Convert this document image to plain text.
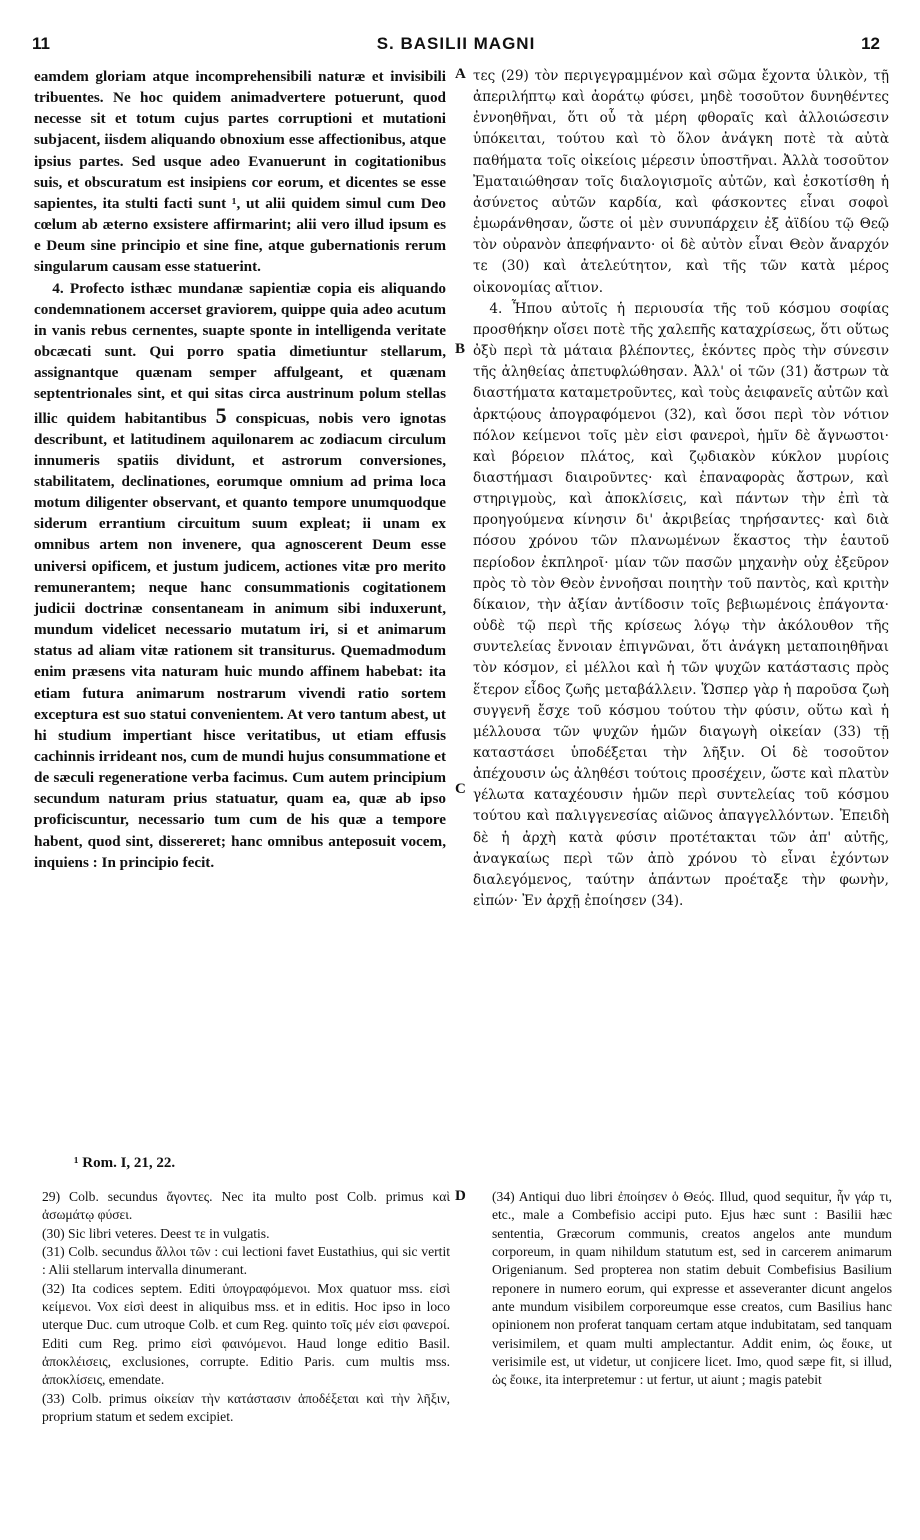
11	S. BASILII MAGNI	12

eamdem gloriam atque incomprehensibili naturæ et invisibili tribuentes. Ne hoc quidem animadvertere potuerunt, quod necesse sit et totum cujus partes corruptioni et mutationi subjacent, iisdem aliquando obnoxium esse affectionibus, atque ipsius partes. Sed usque adeo Evanuerunt in cogitationibus suis, et obscuratum est insipiens cor eorum, et dicentes se esse sapientes, ita stulti facti sunt ¹, ut alii quidem simul cum Deo cœlum ab æterno exsistere affirmarint; alii vero illud ipsum es e Deum sine principio et sine fine, atque gubernationis rerum singularum causam esse statuerint.

4. Profecto isthæc mundanæ sapientiæ copia eis aliquando condemnationem accerset graviorem, quippe quia adeo acutum in vanis rebus cernentes, suapte sponte in intelligenda veritate obcæcati sunt. Qui porro spatia dimetiuntur stellarum, assignantque quænam semper affulgeant, et quænam septentrionales sint, et qui sitas circa austrinum polum stellas illic quidem habitantibus 5 conspicuas, nobis vero ignotas describunt, et latitudinem aquilonarem ac zodiacum circulum innumeris spatiis dividunt, et astrorum conversiones, stabilitatem, declinationes, eorumque omnium ad prima loca motum diligenter observant, et quanto tempore unumquodque siderum errantium circuitum suum expleat; ii unam ex omnibus artem non invenere, qua agnoscerent Deum esse universi opificem, et justum judicem, actiones vitæ pro merito remunerantem; neque hanc consummationis cogitationem judicii doctrinæ consentaneam in animum sibi induxerunt, mundum videlicet necessario mutatum iri, si et animarum status ad aliam vitæ rationem sit transiturus. Quemadmodum enim præsens vita naturam huic mundo affinem habebat: ita etiam futura animarum nostrarum vivendi ratio sortem exceptura est suo statui convenientem. At vero tantum abest, ut hi studium impertiant hisce veritatibus, ut etiam effusis cachinnis irrideant nos, cum de mundi hujus consummatione et de sæculi regeneratione verba facimus. Cum autem principium secundum naturam prius statuatur, quam ea, quæ ab ipso proficiscuntur, necessario tum cum de his quæ a tempore habent, quod sint, dissereret; hanc omnibus anteposuit vocem, inquiens : In principio fecit.

A
B
C
D

τες (29) τὸν περιγεγραμμένον καὶ σῶμα ἔχοντα ὑλικὸν, τῇ ἀπεριλήπτῳ καὶ ἀοράτῳ φύσει, μηδὲ τοσοῦτον δυνηθέντες ἐννοηθῆναι, ὅτι οὗ τὰ μέρη φθοραῖς καὶ ἀλλοιώσεσιν ὑπόκειται, τούτου καὶ τὸ ὅλον ἀνάγκη ποτὲ τὰ αὐτὰ παθήματα τοῖς οἰκείοις μέρεσιν ὑποστῆναι. Ἀλλὰ τοσοῦτον Ἐματαιώθησαν τοῖς διαλογισμοῖς αὐτῶν, καὶ ἐσκοτίσθη ἡ ἀσύνετος αὐτῶν καρδία, καὶ φάσκοντες εἶναι σοφοὶ ἐμωράνθησαν, ὥστε οἱ μὲν συνυπάρχειν ἐξ ἀϊδίου τῷ Θεῷ τὸν οὐρανὸν ἀπεφήναντο· οἱ δὲ αὐτὸν εἶναι Θεὸν ἄναρχόν τε (30) καὶ ἀτελεύτητον, καὶ τῆς τῶν κατὰ μέρος οἰκονομίας αἴτιον.

4. Ἦπου αὐτοῖς ἡ περιουσία τῆς τοῦ κόσμου σοφίας προσθήκην οἴσει ποτὲ τῆς χαλεπῆς καταχρίσεως, ὅτι οὕτως ὀξὺ περὶ τὰ μάταια βλέποντες, ἑκόντες πρὸς τὴν σύνεσιν τῆς ἀληθείας ἀπετυφλώθησαν. Ἀλλ' οἱ τῶν (31) ἄστρων τὰ διαστήματα καταμετροῦντες, καὶ τοὺς ἀειφανεῖς αὐτῶν καὶ ἀρκτῴους ἀπογραφόμενοι (32), καὶ ὅσοι περὶ τὸν νότιον πόλον κείμενοι τοῖς μὲν εἰσι φανεροὶ, ἡμῖν δὲ ἄγνωστοι· καὶ βόρειον πλάτος, καὶ ζῳδιακὸν κύκλον μυρίοις διαστήμασι διαιροῦντες· καὶ ἐπαναφορὰς ἄστρων, καὶ στηριγμοὺς, καὶ ἀποκλίσεις, καὶ πάντων τὴν ἐπὶ τὰ προηγούμενα κίνησιν δι' ἀκριβείας τηρήσαντες· καὶ διὰ πόσου χρόνου τῶν πλανωμένων ἕκαστος τὴν ἑαυτοῦ περίοδον ἐκπληροῖ· μίαν τῶν πασῶν μηχανὴν οὐχ ἐξεῦρον πρὸς τὸ τὸν Θεὸν ἐννοῆσαι ποιητὴν τοῦ παντὸς, καὶ κριτὴν δίκαιον, τὴν ἀξίαν ἀντίδοσιν τοῖς βεβιωμένοις ἐπάγοντα· οὐδὲ τῷ περὶ τῆς κρίσεως λόγῳ τὴν ἀκόλουθον τῆς συντελείας ἔννοιαν ἐπιγνῶναι, ὅτι ἀνάγκη μεταποιηθῆναι τὸν κόσμον, εἰ μέλλοι καὶ ἡ τῶν ψυχῶν κατάστασις πρὸς ἕτερον εἶδος ζωῆς μεταβάλλειν. Ὥσπερ γὰρ ἡ παροῦσα ζωὴ συγγενῆ ἔσχε τοῦ κόσμου τούτου τὴν φύσιν, οὕτω καὶ ἡ μέλλουσα τῶν ψυχῶν ἡμῶν διαγωγὴ οἰκείαν (33) τῇ καταστάσει ὑποδέξεται τὴν λῆξιν. Οἱ δὲ τοσοῦτον ἀπέχουσιν ὡς ἀληθέσι τούτοις προσέχειν, ὥστε καὶ πλατὺν γέλωτα καταχέουσιν ἡμῶν περὶ συντελείας τοῦ κόσμου τούτου καὶ παλιγγενεσίας αἰῶνος ἀπαγγελλόντων. Ἐπειδὴ δὲ ἡ ἀρχὴ κατὰ φύσιν προτέτακται τῶν ἀπ' αὐτῆς, ἀναγκαίως περὶ τῶν ἀπὸ χρόνου τὸ εἶναι ἐχόντων διαλεγόμενος, ταύτην ἁπάντων προέταξε τὴν φωνὴν, εἰπών· Ἐν ἀρχῇ ἐποίησεν (34).

¹ Rom. I, 21, 22.

29) Colb. secundus ἄγοντες. Nec ita multo post Colb. primus καὶ ἀσωμάτῳ φύσει.

(30) Sic libri veteres. Deest τε in vulgatis.

(31) Colb. secundus ἄλλοι τῶν : cui lectioni favet Eustathius, qui sic vertit : Alii stellarum intervalla dinumerant.

(32) Ita codices septem. Editi ὑπογραφόμενοι. Mox quatuor mss. εἰσὶ κείμενοι. Vox εἰσὶ deest in aliquibus mss. et in editis. Hoc ipso in loco uterque Duc. cum utroque Colb. et cum Reg. quinto τοῖς μέν εἰσι φανεροί. Editi cum Reg. primo εἰσὶ φαινόμενοι. Haud longe editio Basil. ἀποκλέισεις, exclusiones, corrupte. Editio Paris. cum multis mss. ἀποκλίσεις, emendate.

(33) Colb. primus οἰκείαν τὴν κατάστασιν ἀποδέξεται καὶ τὴν λῆξιν, proprium statum et sedem excipiet.

(34) Antiqui duo libri ἐποίησεν ὁ Θεός. Illud, quod sequitur, ἦν γάρ τι, etc., male a Combefisio accipi puto. Ejus hæc sunt : Basilii hæc sententia, Græcorum communis, creatos angelos ante mundum corporeum, in quam nihildum statutum est, sed in carcerem animarum Origenianum. Sed propterea non statim debuit Combefisius Basilium reponere in numero eorum, qui expresse et asseveranter dicunt angelos ante mundum visibilem corporeumque esse creatos, cum Basilius hanc opinionem non proferat tanquam certam atque indubitatam, sed tanquam verisimilem, et quam multi amplectantur. Addit enim, ὡς ἔοικε, ut verisimile est, ut videtur, ut conjicere licet. Imo, quod sæpe fit, si illud, ὡς ἔοικε, ita interpretemur : ut fertur, ut aiunt ; magis patebit
